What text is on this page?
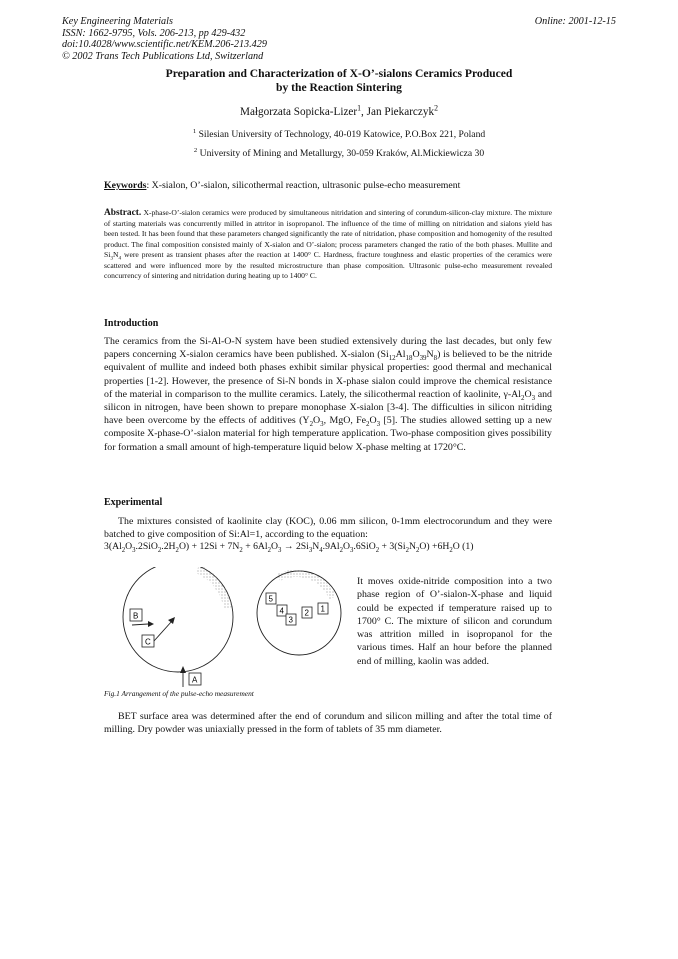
Key Engineering Materials
ISSN: 1662-9795, Vols. 206-213, pp 429-432
doi:10.4028/www.scientific.net/KEM.206-213.429
© 2002 Trans Tech Publications Ltd, Switzerland
Online: 2001-12-15
Preparation and Characterization of X-O’-sialons Ceramics Produced
by the Reaction Sintering
Małgorzata Sopicka-Lizer$^1$, Jan Piekarczyk$^2$
$^1$ Silesian University of Technology, 40-019 Katowice, P.O.Box 221, Poland
$^2$ University of Mining and Metallurgy, 30-059 Kraków, Al.Mickiewicza 30
Keywords: X-sialon, O’-sialon, silicothermal reaction, ultrasonic pulse-echo measurement
Abstract. X-phase-O’-sialon ceramics were produced by simultaneous nitridation and sintering of corundum-silicon-clay mixture. The mixture of starting materials was concurrently milled in attritor in isopropanol. The influence of the time of milling on nitridation and sialons yield has been tested. It has been found that these parameters changed significantly the rate of nitridation, phase composition and homogenity of the resulted product. The final composition consisted mainly of X-sialon and O’-sialon; process parameters changed the ratio of the both phases. Mullite and $Si_3N_4$ were present as transient phases after the reaction at 1400° C. Hardness, fracture toughness and elastic properties of the ceramics were scattered and were influenced more by the resulted microstructure than phase composition. Ultrasonic pulse-echo measurement revealed concurrency of sintering and nitridation during heating up to 1400° C.
Introduction

The ceramics from the Si-Al-O-N system have been studied extensively during the last decades, but only few papers concerning X-sialon ceramics have been published. X-sialon $(Si_{12}Al_{18}O_{39}N_8)$ is believed to be the nitride equivalent of mullite and indeed both phases exhibit similar physical properties: good thermal and mechanical properties [1-2]. However, the presence of Si-N bonds in X-phase sialon could improve the chemical resistance of the material in comparison to the mullite ceramics. Lately, the silicothermal reaction of kaolinite, $\gamma-Al_2O_3$ and silicon in nitrogen, have been shown to prepare monophase X-sialon [3-4]. The difficulties in silicon nitriding have been overcome by the effects of additives ($Y_2O_3$, MgO, $Fe_2O_3$ [5]. The studies allowed setting up a new composite X-phase-O’-sialon material for high temperature application. Two-phase composition gives possibility for formation a small amount of high-temperature liquid below X-phase melting at 1720°C.

Experimental

The mixtures consisted of kaolinite clay (KOC), 0.06 mm silicon, 0-1mm electrocorundum and they were batched to give composition of Si:Al=1, according to the equation:

$3(Al_2O_3.2SiO_2.2H_2O) + 12Si + 7N_2 + 6Al_2O_3 \to 2Si_3N_4.9Al_2O_3.6SiO_2 + 3(Si_2N_2O) +6H_2O$ (1)
B
C
A
5
4
3
2 1
Fig.1 Arrangement of the pulse-echo measurement

It moves oxide-nitride composition into a two phase region of O’-sialon-X-phase and liquid could be expected if temperature raised up to 1700° C. The mixture of silicon and corundum was attrition milled in isopropanol for the various times. Half an hour before the planned end of milling, kaolin was added.

BET surface area was determined after the end of corundum and silicon milling and after the total time of milling. Dry powder was uniaxially pressed in the form of tablets of 35 mm diameter.
